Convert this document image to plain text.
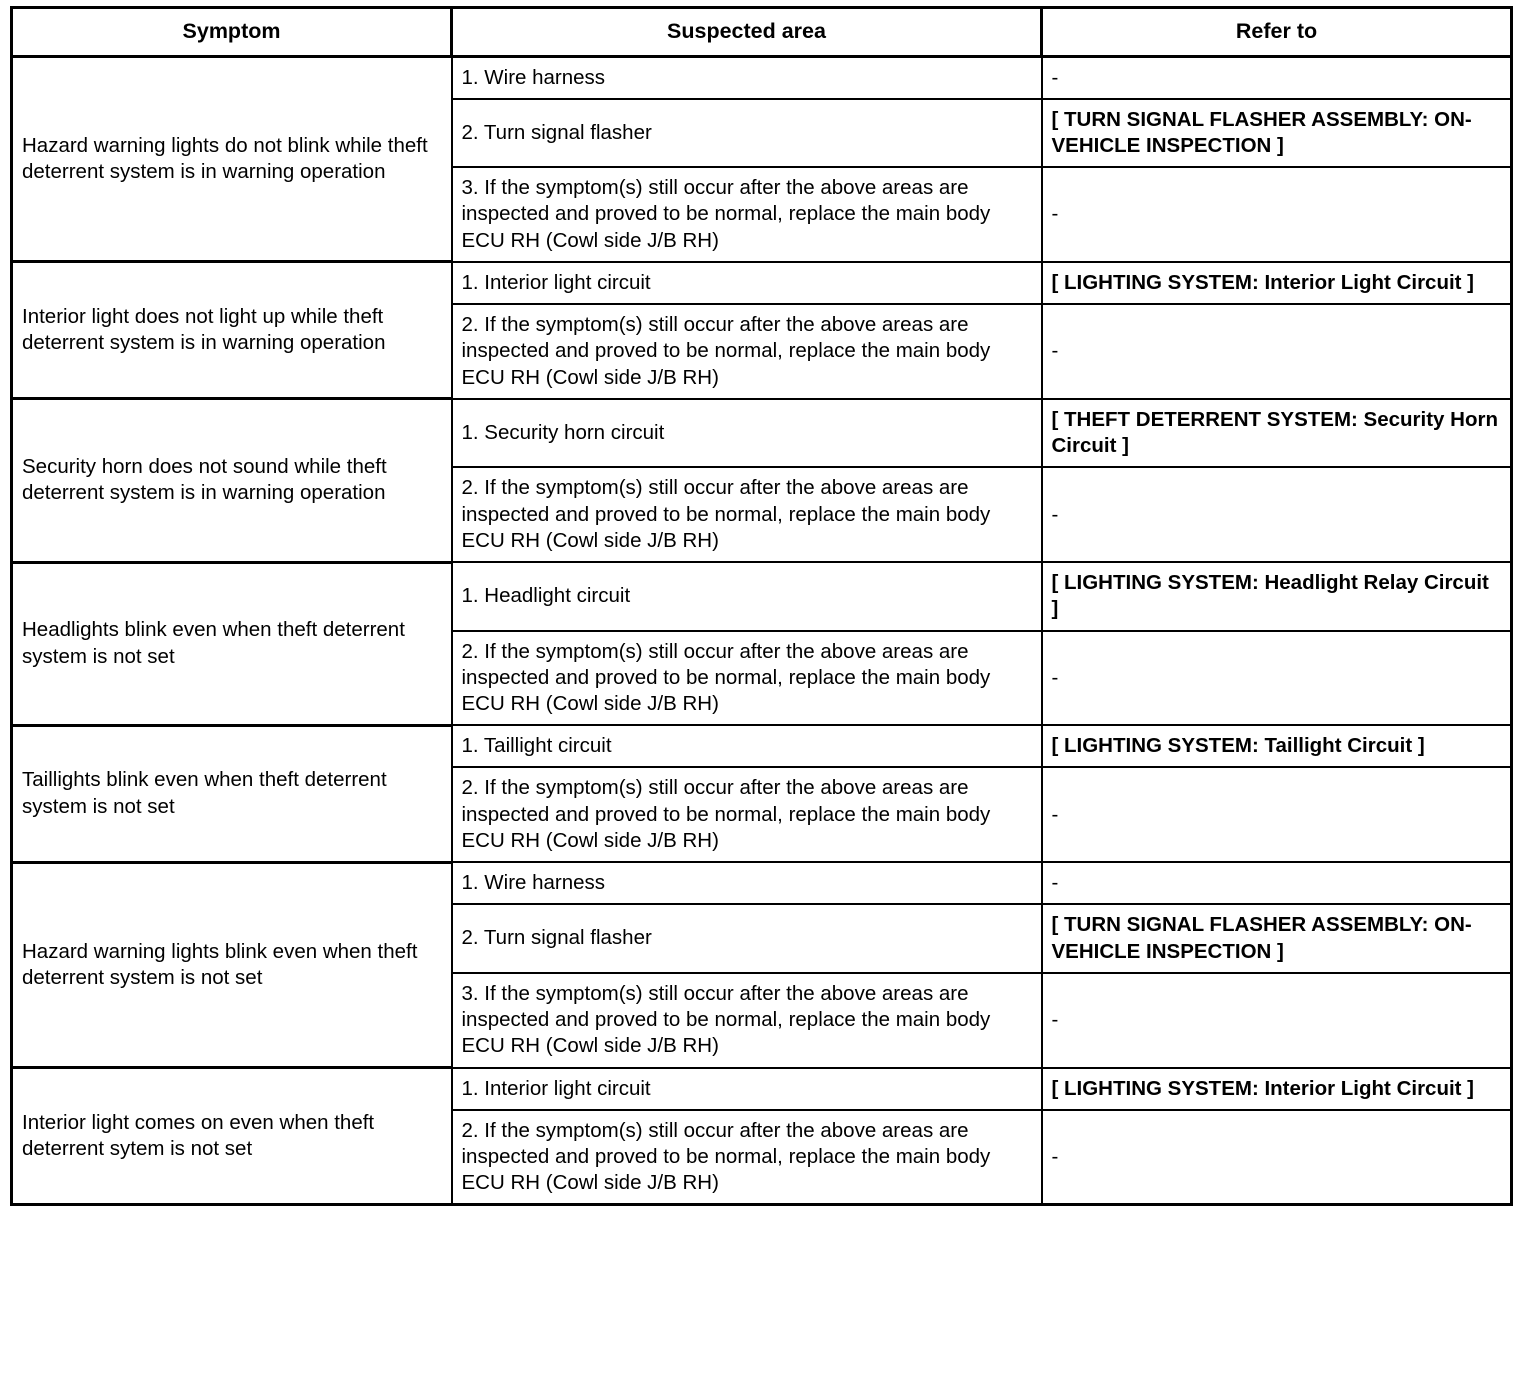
Symptom	Suspected area	Refer to
Hazard warning lights do not blink while theft deterrent system is in warning operation	1. Wire harness	-
	2. Turn signal flasher	[ TURN SIGNAL FLASHER ASSEMBLY: ON-VEHICLE INSPECTION ]
	3. If the symptom(s) still occur after the above areas are inspected and proved to be normal, replace the main body ECU RH (Cowl side J/B RH)	-
Interior light does not light up while theft deterrent system is in warning operation	1. Interior light circuit	[ LIGHTING SYSTEM: Interior Light Circuit ]
	2. If the symptom(s) still occur after the above areas are inspected and proved to be normal, replace the main body ECU RH (Cowl side J/B RH)	-
Security horn does not sound while theft deterrent system is in warning operation	1. Security horn circuit	[ THEFT DETERRENT SYSTEM: Security Horn Circuit ]
	2. If the symptom(s) still occur after the above areas are inspected and proved to be normal, replace the main body ECU RH (Cowl side J/B RH)	-
Headlights blink even when theft deterrent system is not set	1. Headlight circuit	[ LIGHTING SYSTEM: Headlight Relay Circuit ]
	2. If the symptom(s) still occur after the above areas are inspected and proved to be normal, replace the main body ECU RH (Cowl side J/B RH)	-
Taillights blink even when theft deterrent system is not set	1. Taillight circuit	[ LIGHTING SYSTEM: Taillight Circuit ]
	2. If the symptom(s) still occur after the above areas are inspected and proved to be normal, replace the main body ECU RH (Cowl side J/B RH)	-
Hazard warning lights blink even when theft deterrent system is not set	1. Wire harness	-
	2. Turn signal flasher	[ TURN SIGNAL FLASHER ASSEMBLY: ON-VEHICLE INSPECTION ]
	3. If the symptom(s) still occur after the above areas are inspected and proved to be normal, replace the main body ECU RH (Cowl side J/B RH)	-
Interior light comes on even when theft deterrent sytem is not set	1. Interior light circuit	[ LIGHTING SYSTEM: Interior Light Circuit ]
	2. If the symptom(s) still occur after the above areas are inspected and proved to be normal, replace the main body ECU RH (Cowl side J/B RH)	-
